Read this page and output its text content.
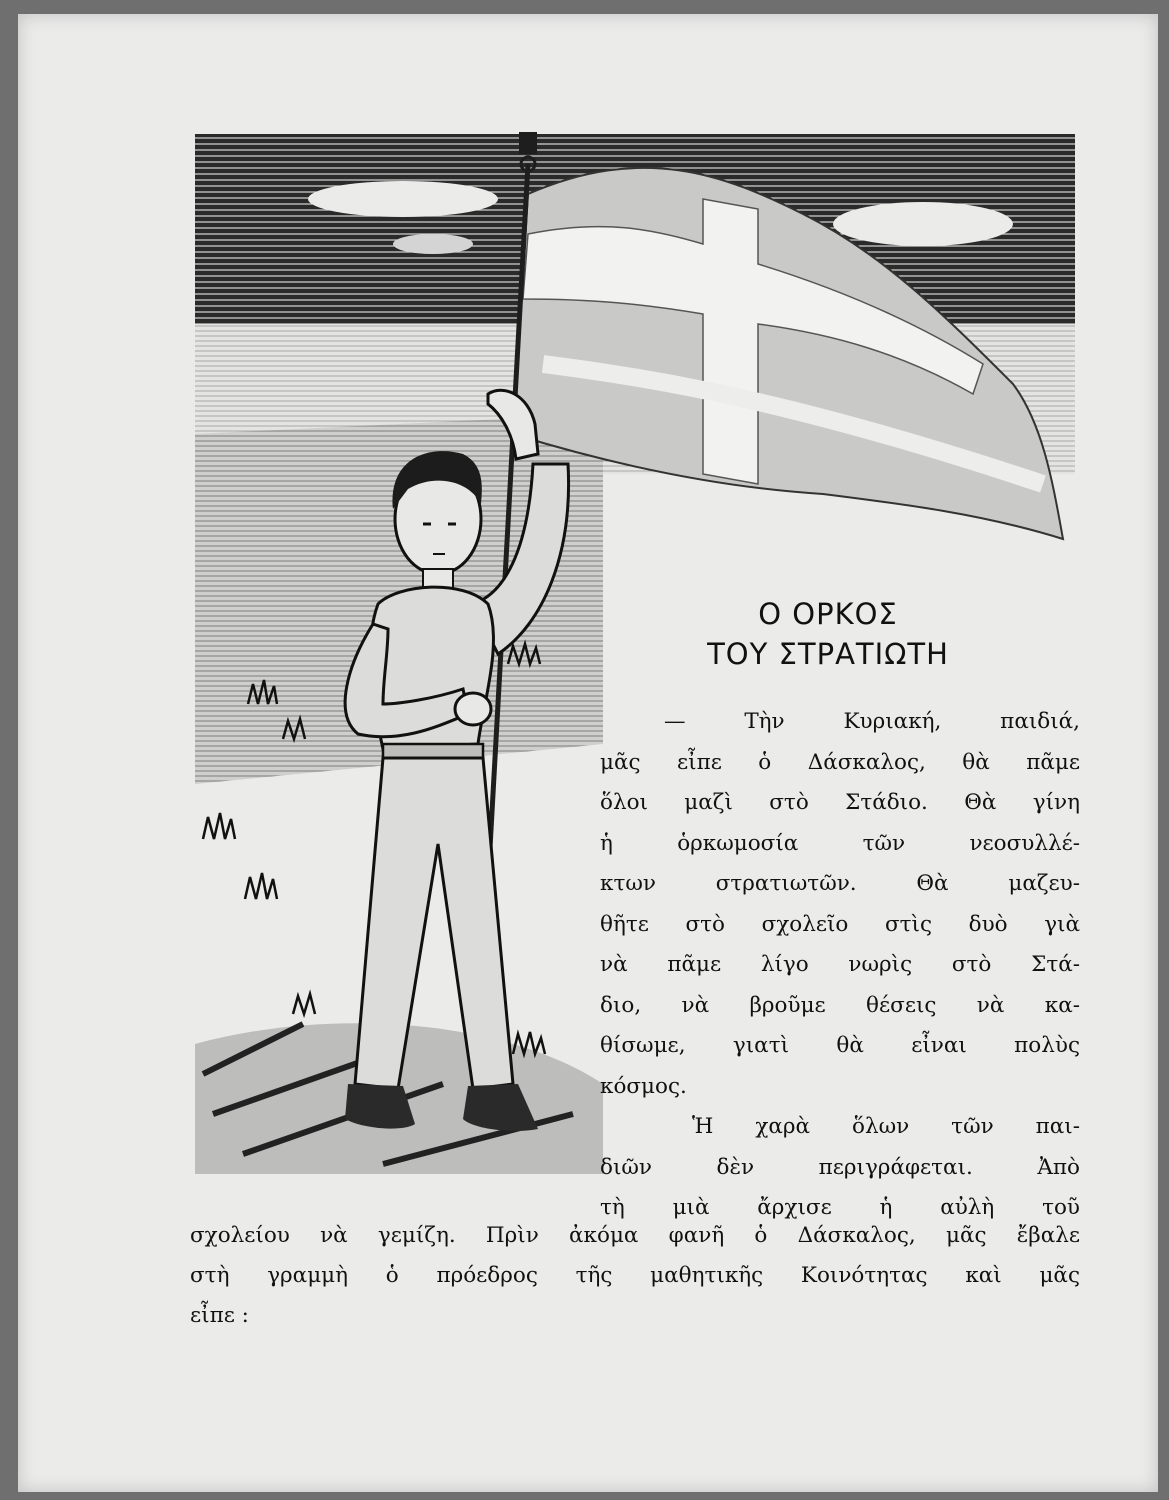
Ο ΟΡΚΟΣ
ΤΟΥ ΣΤΡΑΤΙΩΤΗ
— Τὴν Κυριακή, παιδιά,
μᾶς εἶπε ὁ Δάσκαλος, θὰ πᾶμε
ὅλοι μαζὶ στὸ Στάδιο. Θὰ γίνη
ἡ ὁρκωμοσία τῶν νεοσυλλέ-
κτων στρατιωτῶν. Θὰ μαζευ-
θῆτε στὸ σχολεῖο στὶς δυὸ γιὰ
νὰ πᾶμε λίγο νωρὶς στὸ Στά-
διο, νὰ βροῦμε θέσεις νὰ κα-
θίσωμε, γιατὶ θὰ εἶναι πολὺς
κόσμος.
Ἡ χαρὰ ὅλων τῶν παι-
διῶν δὲν περιγράφεται. Ἀπὸ
τὴ μιὰ ἄρχισε ἡ αὐλὴ τοῦ
σχολείου νὰ γεμίζη. Πρὶν ἀκόμα φανῆ ὁ Δάσκαλος, μᾶς ἔβαλε
στὴ γραμμὴ ὁ πρόεδρος τῆς μαθητικῆς Κοινότητας καὶ μᾶς
εἶπε :
